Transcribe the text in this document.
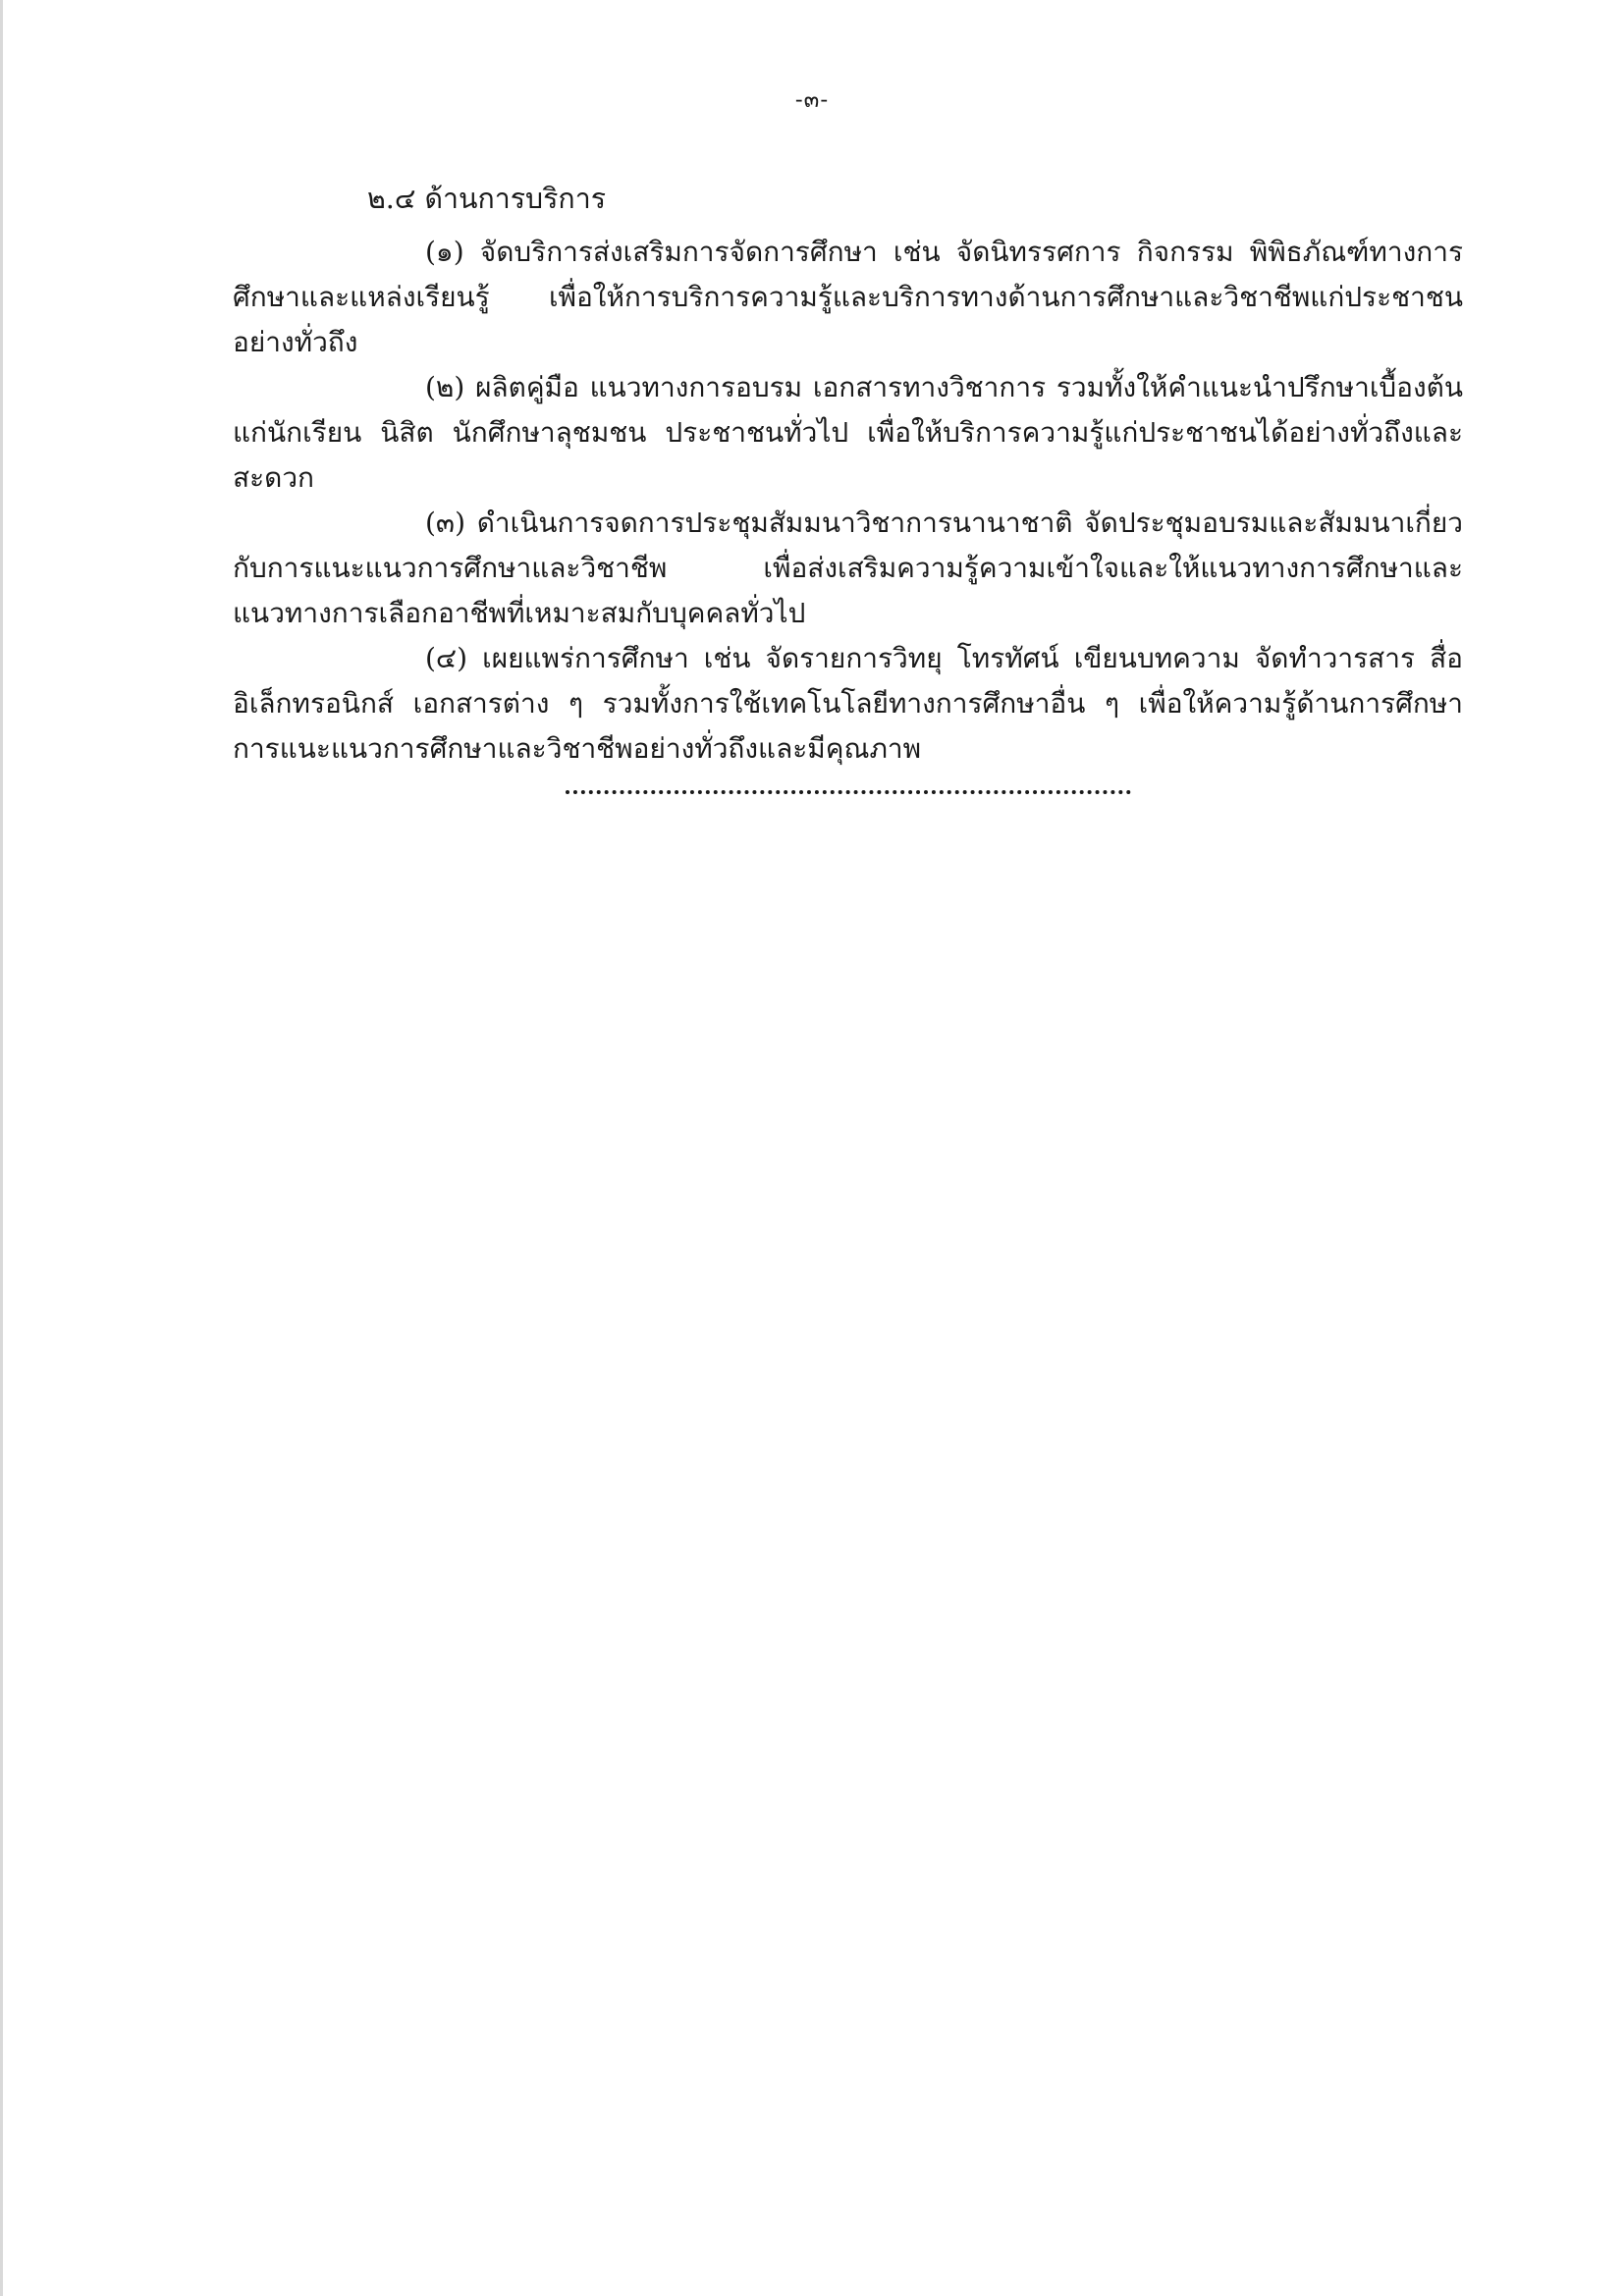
-๓-
๒.๔ ด้านการบริการ

(๑) จัดบริการส่งเสริมการจัดการศึกษา เช่น จัดนิทรรศการ กิจกรรม พิพิธภัณฑ์ทางการศึกษาและแหล่งเรียนรู้ เพื่อให้การบริการความรู้และบริการทางด้านการศึกษาและวิชาชีพแก่ประชาชนอย่างทั่วถึง

(๒) ผลิตคู่มือ แนวทางการอบรม เอกสารทางวิชาการ รวมทั้งให้คำแนะนำปรึกษาเบื้องต้นแก่นักเรียน นิสิต นักศึกษาลุชมชน ประชาชนทั่วไป เพื่อให้บริการความรู้แก่ประชาชนได้อย่างทั่วถึงและสะดวก

(๓) ดำเนินการจดการประชุมสัมมนาวิชาการนานาชาติ จัดประชุมอบรมและสัมมนาเกี่ยวกับการแนะแนวการศึกษาและวิชาชีพ เพื่อส่งเสริมความรู้ความเข้าใจและให้แนวทางการศึกษาและแนวทางการเลือกอาชีพที่เหมาะสมกับบุคคลทั่วไป

(๔) เผยแพร่การศึกษา เช่น จัดรายการวิทยุ โทรทัศน์ เขียนบทความ จัดทำวารสาร สื่ออิเล็กทรอนิกส์ เอกสารต่าง ๆ รวมทั้งการใช้เทคโนโลยีทางการศึกษาอื่น ๆ เพื่อให้ความรู้ด้านการศึกษาการแนะแนวการศึกษาและวิชาชีพอย่างทั่วถึงและมีคุณภาพ
